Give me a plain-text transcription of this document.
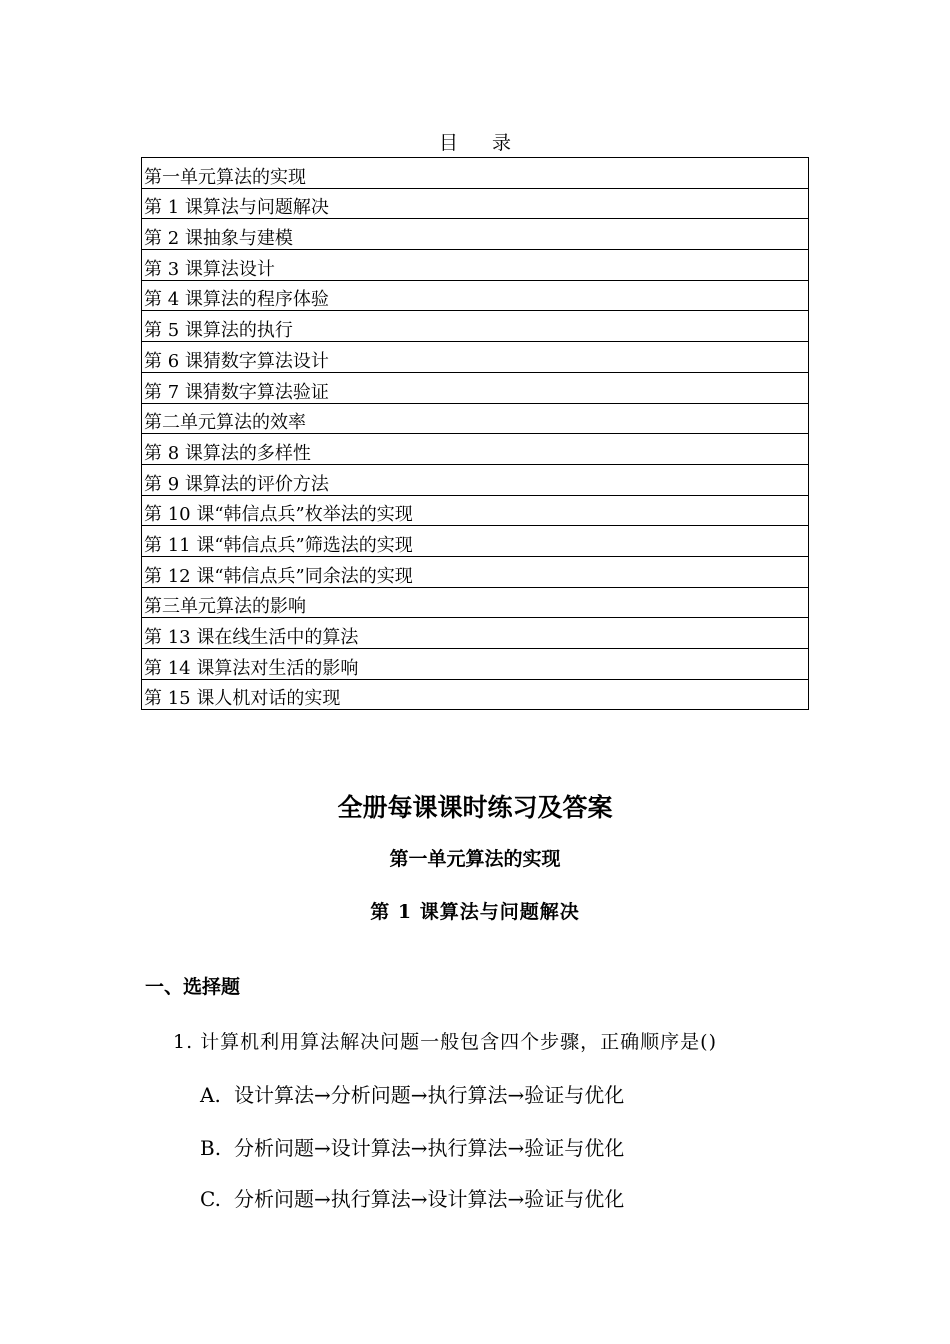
目录
第一单元算法的实现
第 1 课算法与问题解决
第 2 课抽象与建模
第 3 课算法设计
第 4 课算法的程序体验
第 5 课算法的执行
第 6 课猜数字算法设计
第 7 课猜数字算法验证
第二单元算法的效率
第 8 课算法的多样性
第 9 课算法的评价方法
第 10 课“韩信点兵”枚举法的实现
第 11 课“韩信点兵”筛选法的实现
第 12 课“韩信点兵”同余法的实现
第三单元算法的影响
第 13 课在线生活中的算法
第 14 课算法对生活的影响
第 15 课人机对话的实现
全册每课课时练习及答案
第一单元算法的实现
第 1 课算法与问题解决
一、选择题
1. 计算机利用算法解决问题一般包含四个步骤，正确顺序是()
A. 设计算法→分析问题→执行算法→验证与优化
B. 分析问题→设计算法→执行算法→验证与优化
C. 分析问题→执行算法→设计算法→验证与优化
